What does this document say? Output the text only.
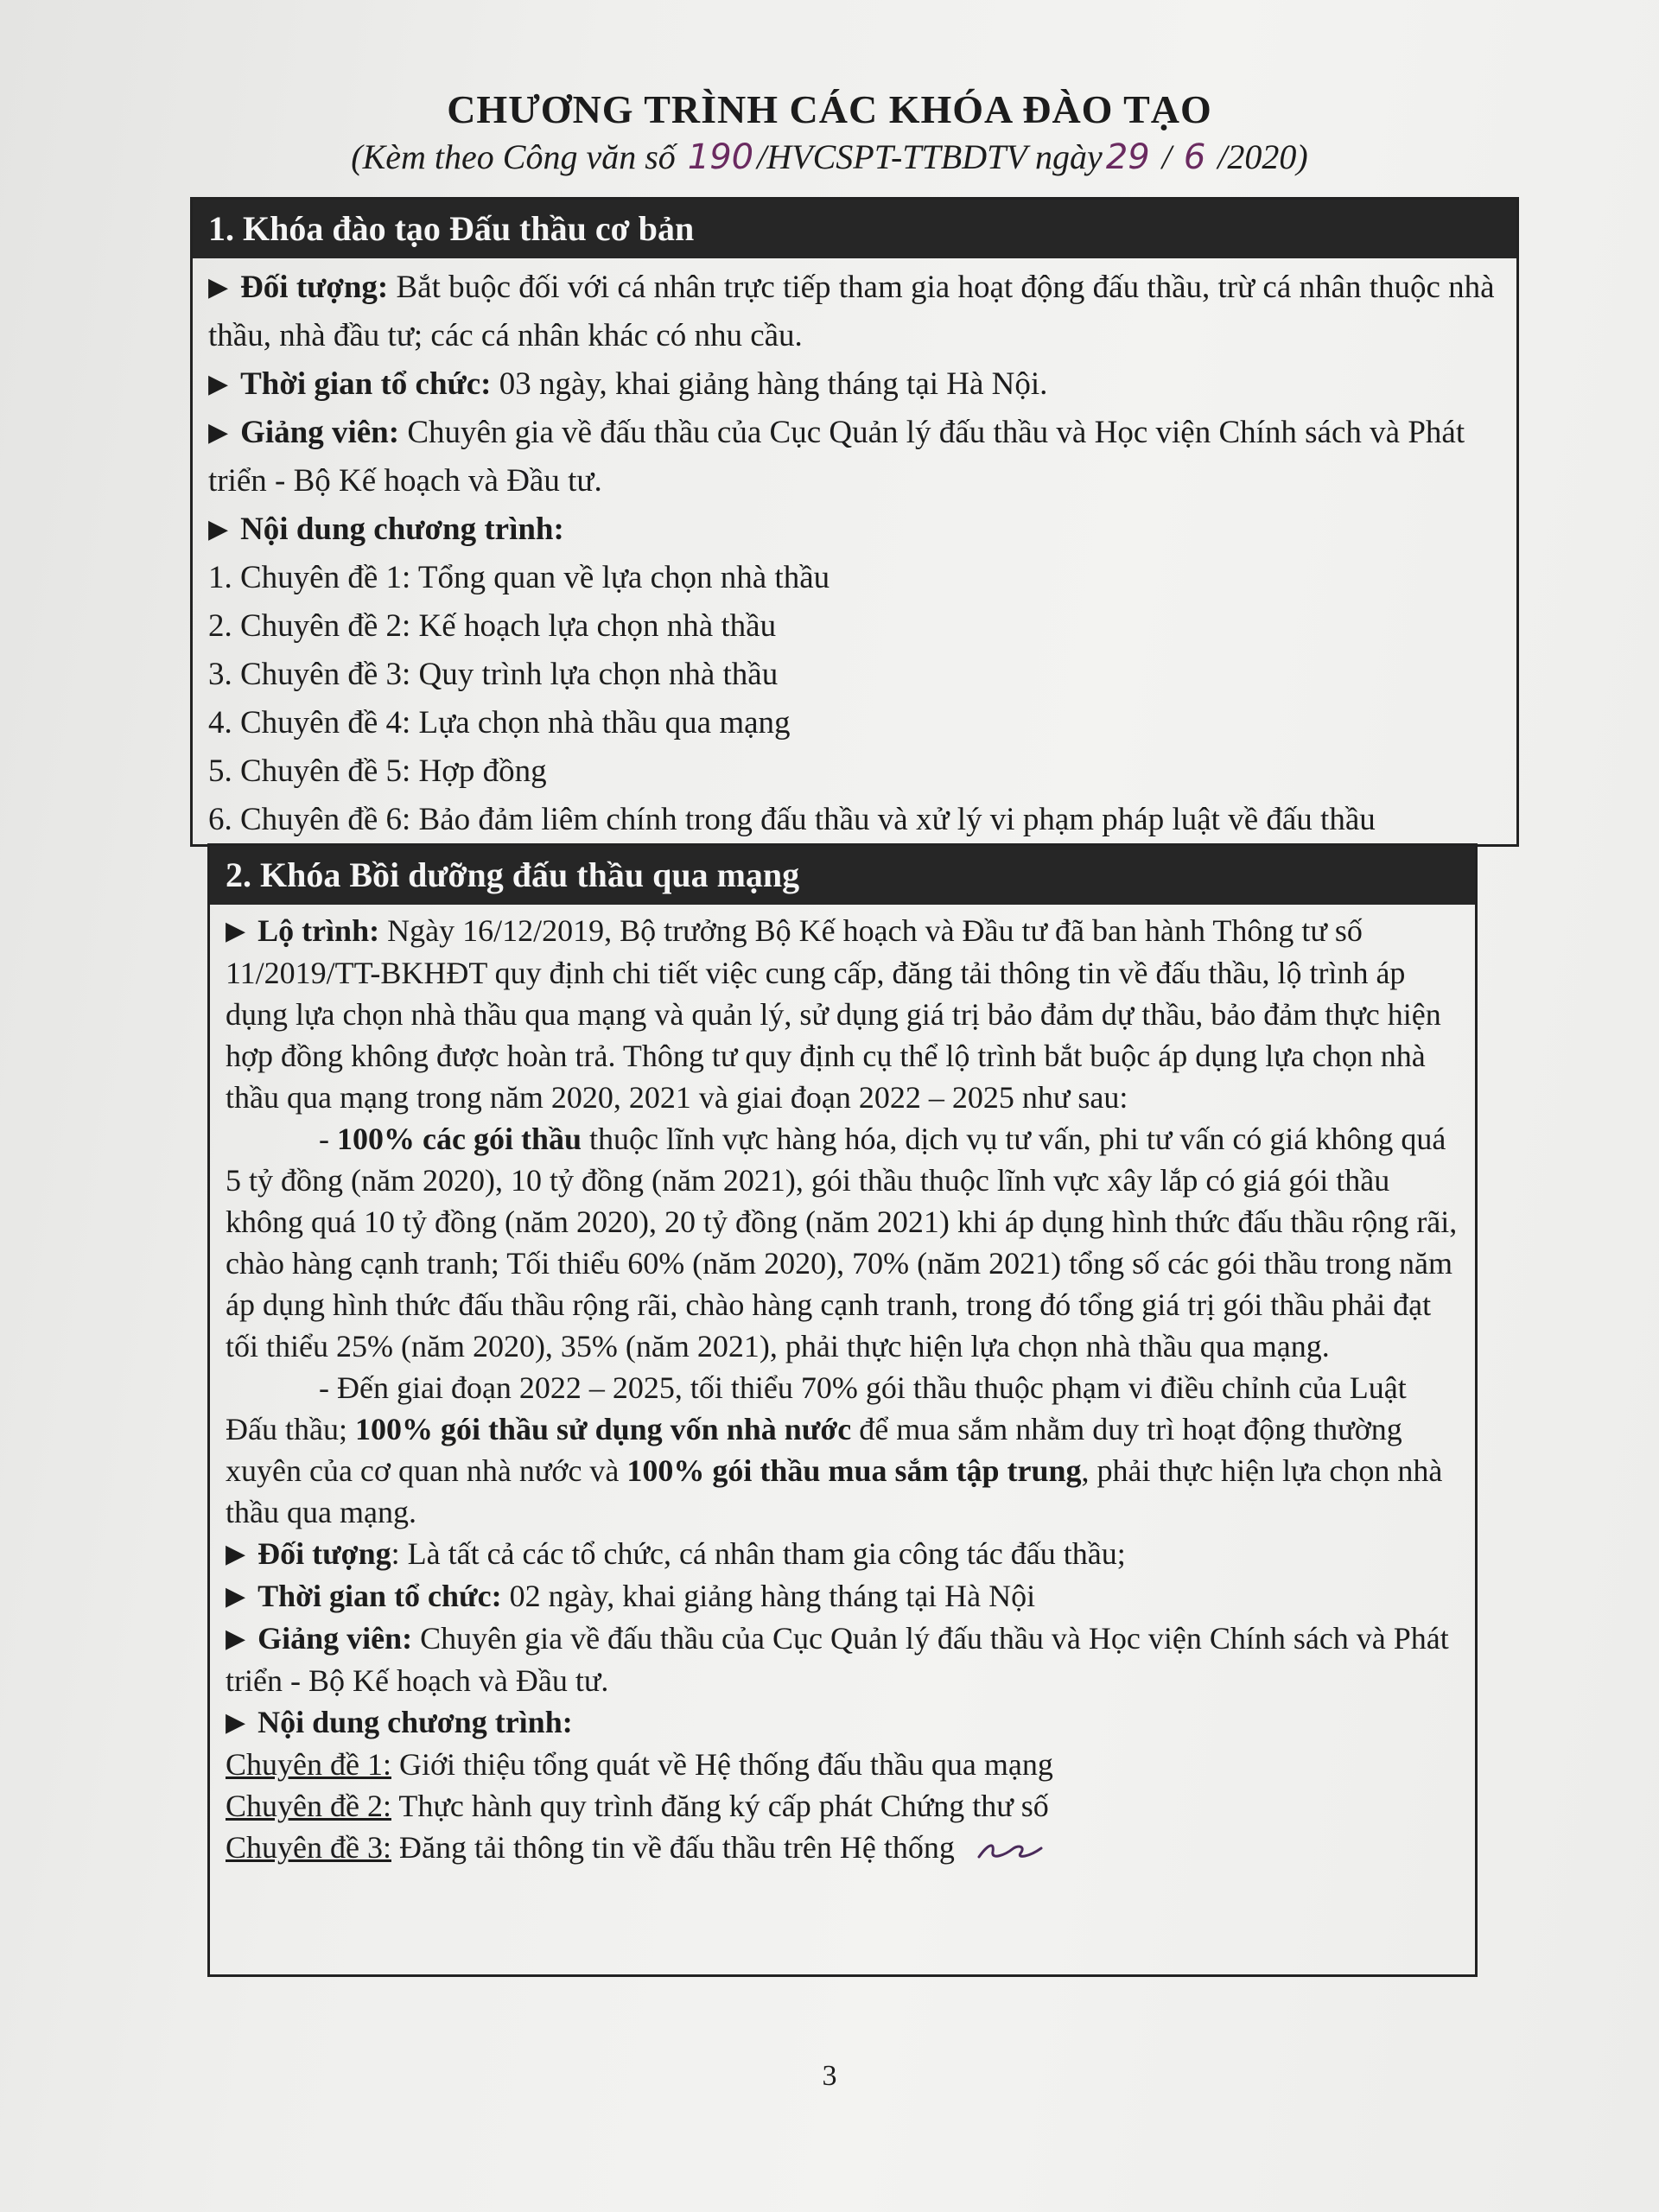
CHƯƠNG TRÌNH CÁC KHÓA ĐÀO TẠO
(Kèm theo Công văn số 190 /HVCSPT-TTBDTV ngày 29 / 6 /2020)
1. Khóa đào tạo Đấu thầu cơ bản

▶ Đối tượng: Bắt buộc đối với cá nhân trực tiếp tham gia hoạt động đấu thầu, trừ cá nhân thuộc nhà thầu, nhà đầu tư; các cá nhân khác có nhu cầu.

▶ Thời gian tổ chức: 03 ngày, khai giảng hàng tháng tại Hà Nội.

▶ Giảng viên: Chuyên gia về đấu thầu của Cục Quản lý đấu thầu và Học viện Chính sách và Phát triển - Bộ Kế hoạch và Đầu tư.

▶ Nội dung chương trình:

1. Chuyên đề 1: Tổng quan về lựa chọn nhà thầu

2. Chuyên đề 2: Kế hoạch lựa chọn nhà thầu

3. Chuyên đề 3: Quy trình lựa chọn nhà thầu

4. Chuyên đề 4: Lựa chọn nhà thầu qua mạng

5. Chuyên đề 5: Hợp đồng

6. Chuyên đề 6: Bảo đảm liêm chính trong đấu thầu và xử lý vi phạm pháp luật về đấu thầu

2. Khóa Bồi dưỡng đấu thầu qua mạng

▶ Lộ trình: Ngày 16/12/2019, Bộ trưởng Bộ Kế hoạch và Đầu tư đã ban hành Thông tư số 11/2019/TT-BKHĐT quy định chi tiết việc cung cấp, đăng tải thông tin về đấu thầu, lộ trình áp dụng lựa chọn nhà thầu qua mạng và quản lý, sử dụng giá trị bảo đảm dự thầu, bảo đảm thực hiện hợp đồng không được hoàn trả. Thông tư quy định cụ thể lộ trình bắt buộc áp dụng lựa chọn nhà thầu qua mạng trong năm 2020, 2021 và giai đoạn 2022 – 2025 như sau:

- 100% các gói thầu thuộc lĩnh vực hàng hóa, dịch vụ tư vấn, phi tư vấn có giá không quá 5 tỷ đồng (năm 2020), 10 tỷ đồng (năm 2021), gói thầu thuộc lĩnh vực xây lắp có giá gói thầu không quá 10 tỷ đồng (năm 2020), 20 tỷ đồng (năm 2021) khi áp dụng hình thức đấu thầu rộng rãi, chào hàng cạnh tranh; Tối thiểu 60% (năm 2020), 70% (năm 2021) tổng số các gói thầu trong năm áp dụng hình thức đấu thầu rộng rãi, chào hàng cạnh tranh, trong đó tổng giá trị gói thầu phải đạt tối thiểu 25% (năm 2020), 35% (năm 2021), phải thực hiện lựa chọn nhà thầu qua mạng.

- Đến giai đoạn 2022 – 2025, tối thiểu 70% gói thầu thuộc phạm vi điều chỉnh của Luật Đấu thầu; 100% gói thầu sử dụng vốn nhà nước để mua sắm nhằm duy trì hoạt động thường xuyên của cơ quan nhà nước và 100% gói thầu mua sắm tập trung, phải thực hiện lựa chọn nhà thầu qua mạng.

▶ Đối tượng: Là tất cả các tổ chức, cá nhân tham gia công tác đấu thầu;

▶ Thời gian tổ chức: 02 ngày, khai giảng hàng tháng tại Hà Nội

▶ Giảng viên: Chuyên gia về đấu thầu của Cục Quản lý đấu thầu và Học viện Chính sách và Phát triển - Bộ Kế hoạch và Đầu tư.

▶ Nội dung chương trình:

Chuyên đề 1: Giới thiệu tổng quát về Hệ thống đấu thầu qua mạng

Chuyên đề 2: Thực hành quy trình đăng ký cấp phát Chứng thư số

Chuyên đề 3: Đăng tải thông tin về đấu thầu trên Hệ thống

3
